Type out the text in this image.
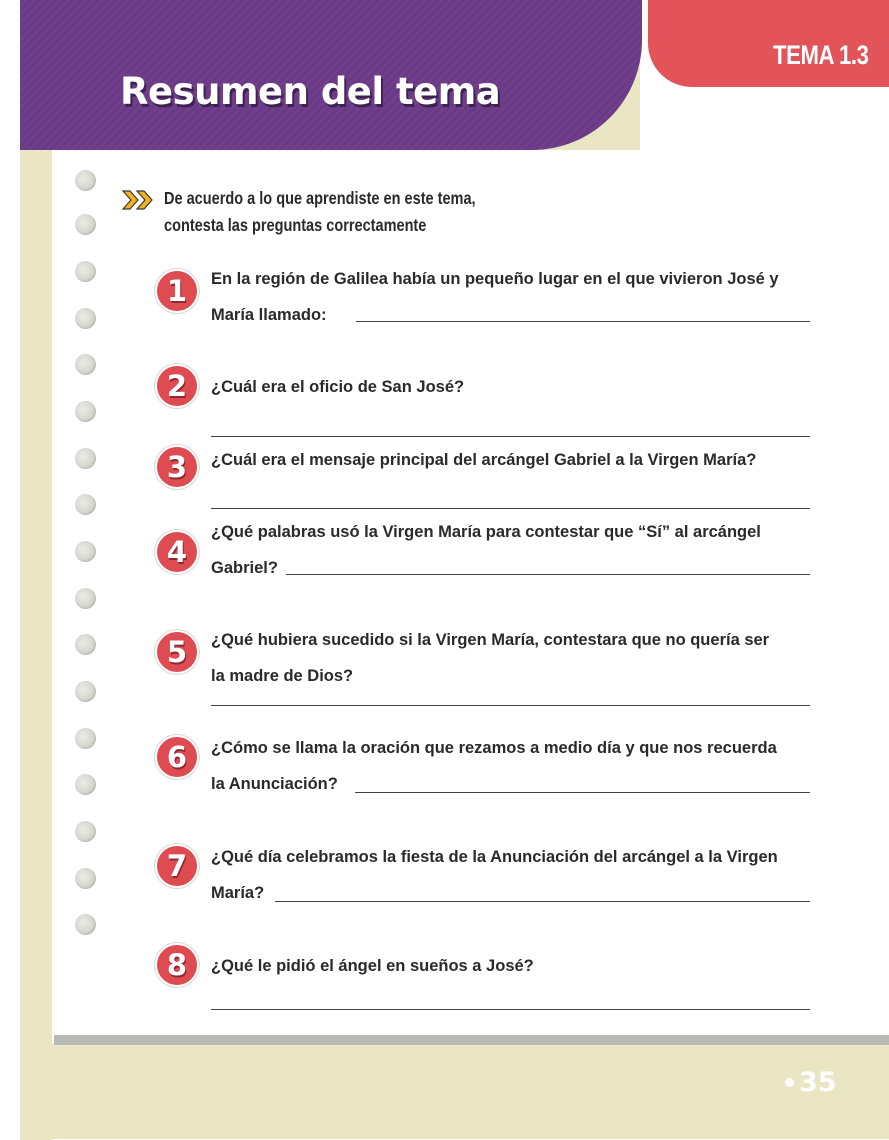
Resumen del tema
TEMA 1.3
De acuerdo a lo que aprendiste en este tema,
contesta las preguntas correctamente
1	En la región de Galilea había un pequeño lugar en el que vivieron José y
María llamado:
2	¿Cuál era el oficio de San José?
3	¿Cuál era el mensaje principal del arcángel Gabriel a la Virgen María?
4
¿Qué palabras usó la Virgen María para contestar que “Sí” al arcángel
Gabriel?
5	¿Qué hubiera sucedido si la Virgen María, contestara que no quería ser
la madre de Dios?
6	¿Cómo se llama la oración que rezamos a medio día y que nos recuerda
la Anunciación?
7	¿Qué día celebramos la fiesta de la Anunciación del arcángel a la Virgen
María?
8	¿Qué le pidió el ángel en sueños a José?
35
